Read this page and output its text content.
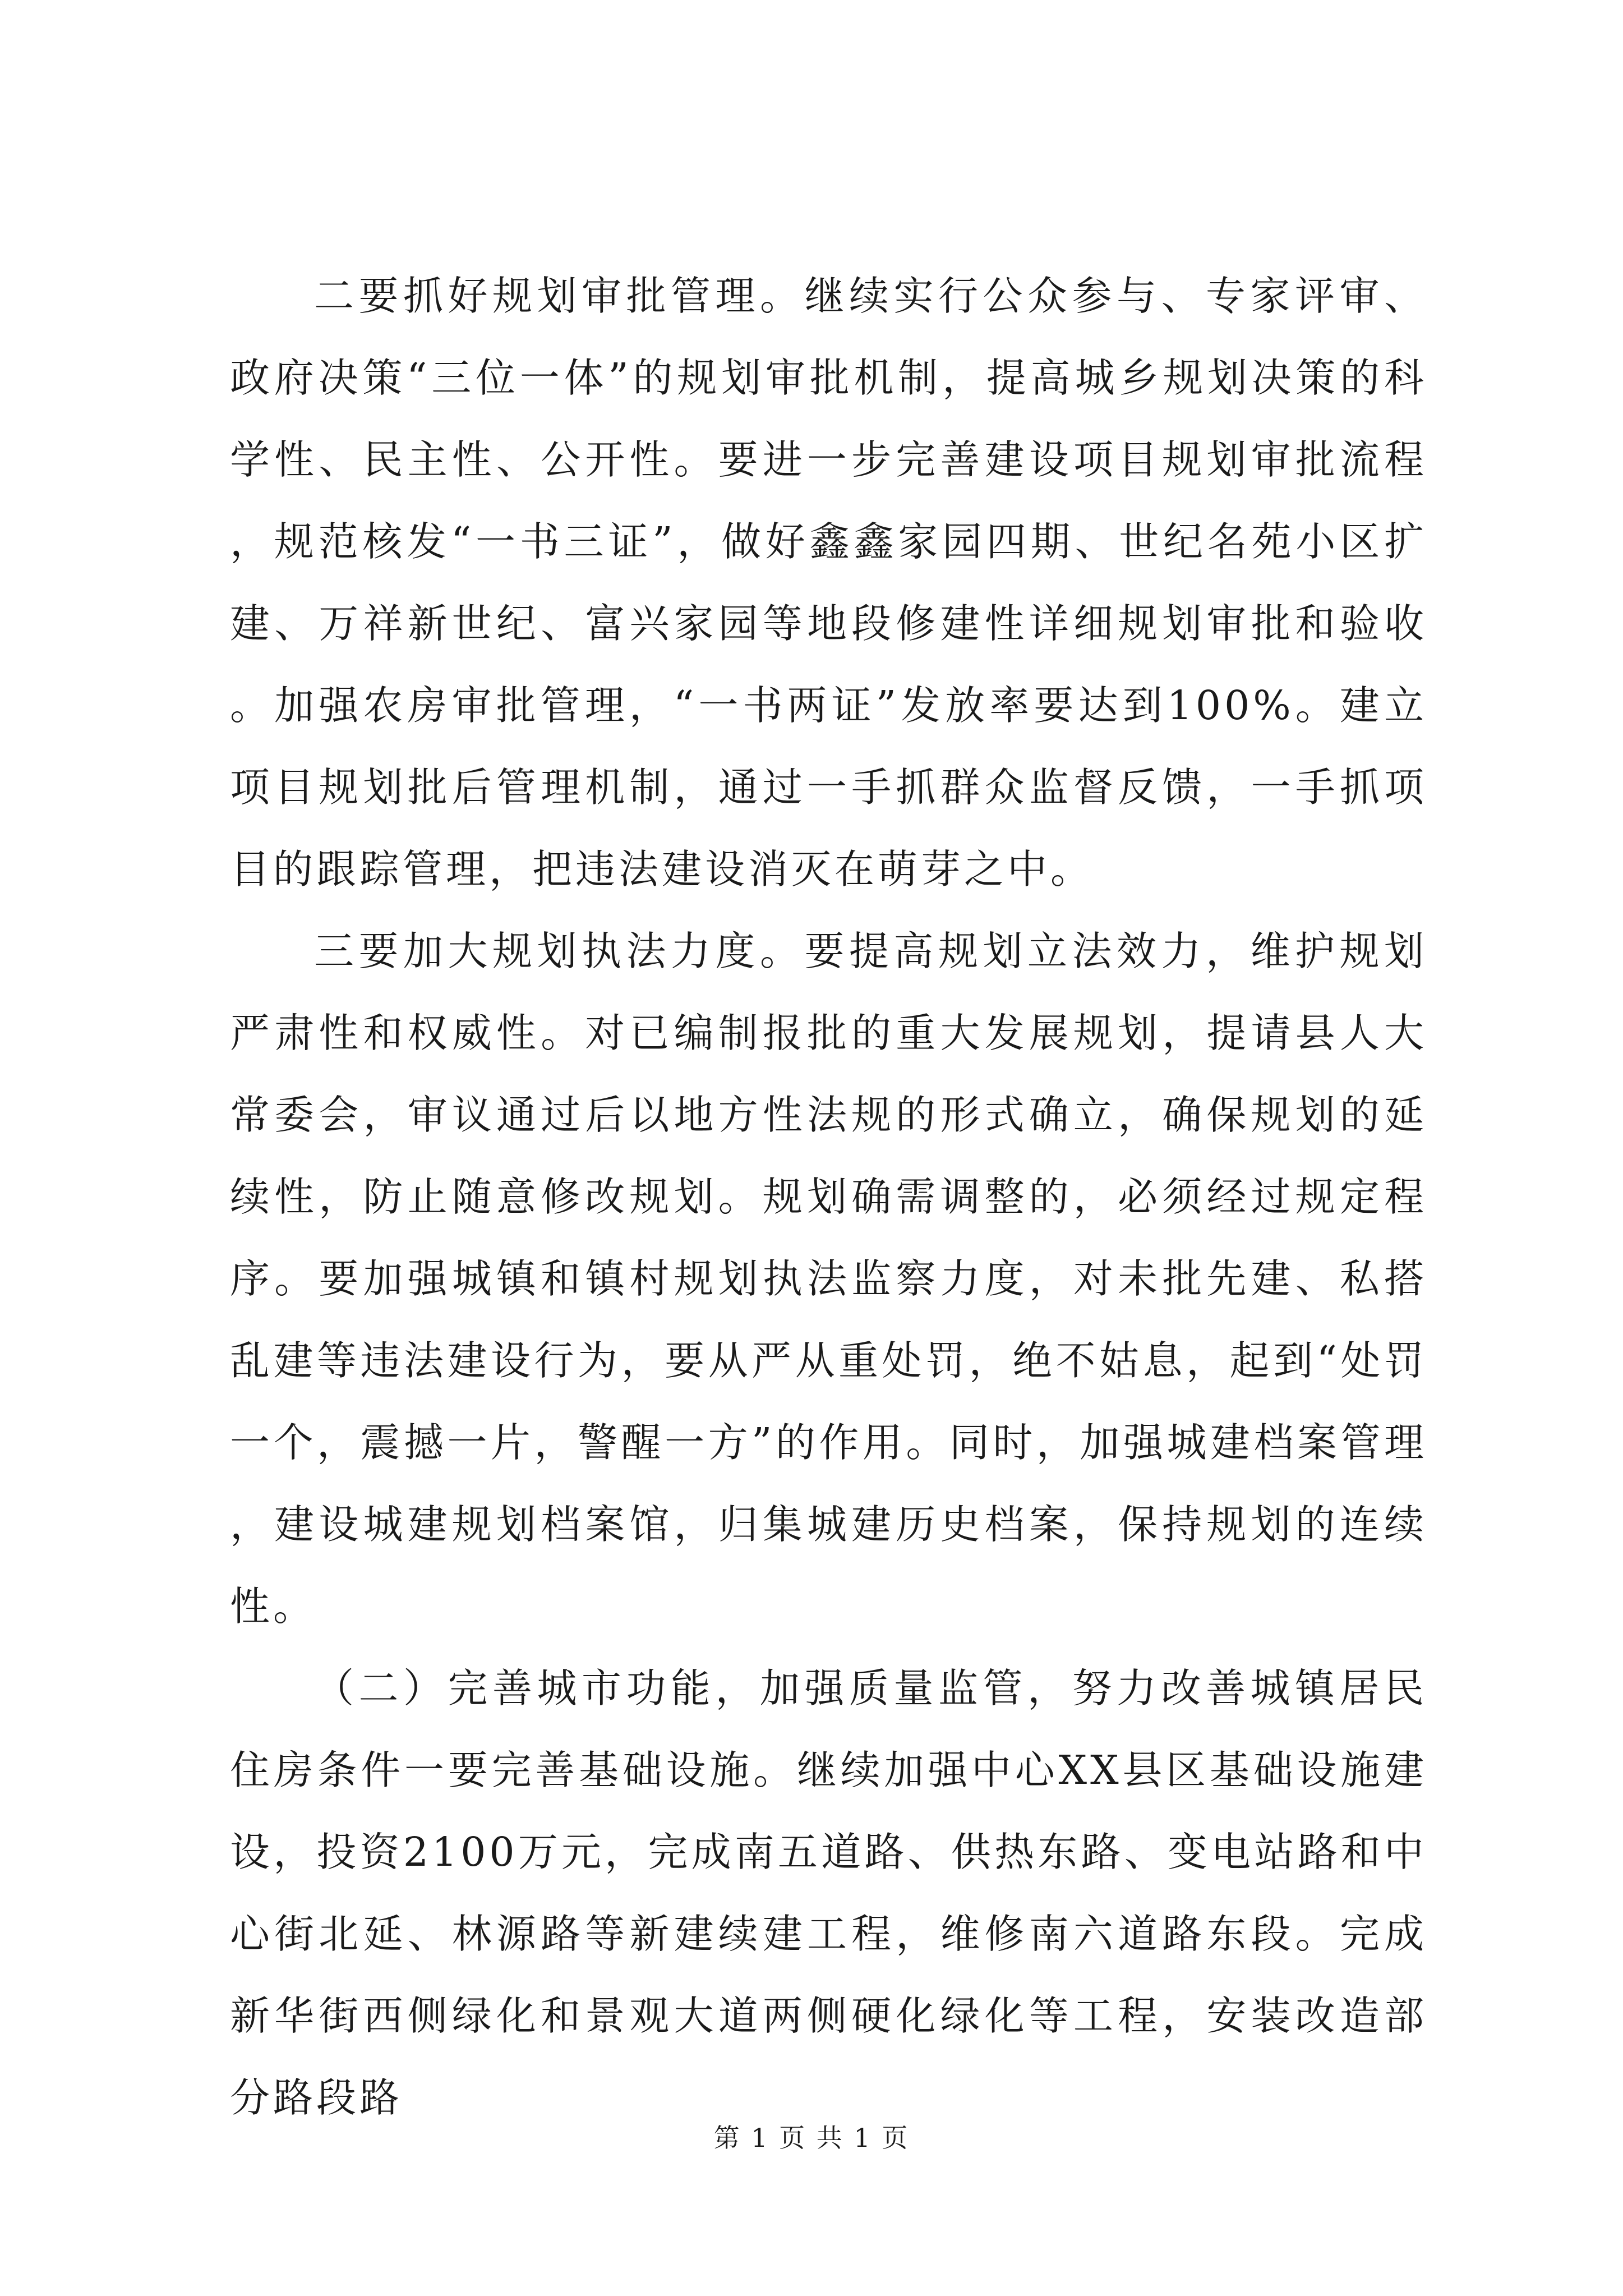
二要抓好规划审批管理。继续实行公众参与、专家评审、政府决策“三位一体”的规划审批机制，提高城乡规划决策的科学性、民主性、公开性。要进一步完善建设项目规划审批流程，规范核发“一书三证”，做好鑫鑫家园四期、世纪名苑小区扩建、万祥新世纪、富兴家园等地段修建性详细规划审批和验收。加强农房审批管理，“一书两证”发放率要达到100%。建立项目规划批后管理机制，通过一手抓群众监督反馈，一手抓项目的跟踪管理，把违法建设消灭在萌芽之中。

三要加大规划执法力度。要提高规划立法效力，维护规划严肃性和权威性。对已编制报批的重大发展规划，提请县人大常委会，审议通过后以地方性法规的形式确立，确保规划的延续性，防止随意修改规划。规划确需调整的，必须经过规定程序。要加强城镇和镇村规划执法监察力度，对未批先建、私搭乱建等违法建设行为，要从严从重处罚，绝不姑息，起到“处罚一个，震撼一片，警醒一方”的作用。同时，加强城建档案管理，建设城建规划档案馆，归集城建历史档案，保持规划的连续性。

（二）完善城市功能，加强质量监管，努力改善城镇居民住房条件一要完善基础设施。继续加强中心XX县区基础设施建设，投资2100万元，完成南五道路、供热东路、变电站路和中心街北延、林源路等新建续建工程，维修南六道路东段。完成新华街西侧绿化和景观大道两侧硬化绿化等工程，安装改造部分路段路

第 1 页 共 1 页
